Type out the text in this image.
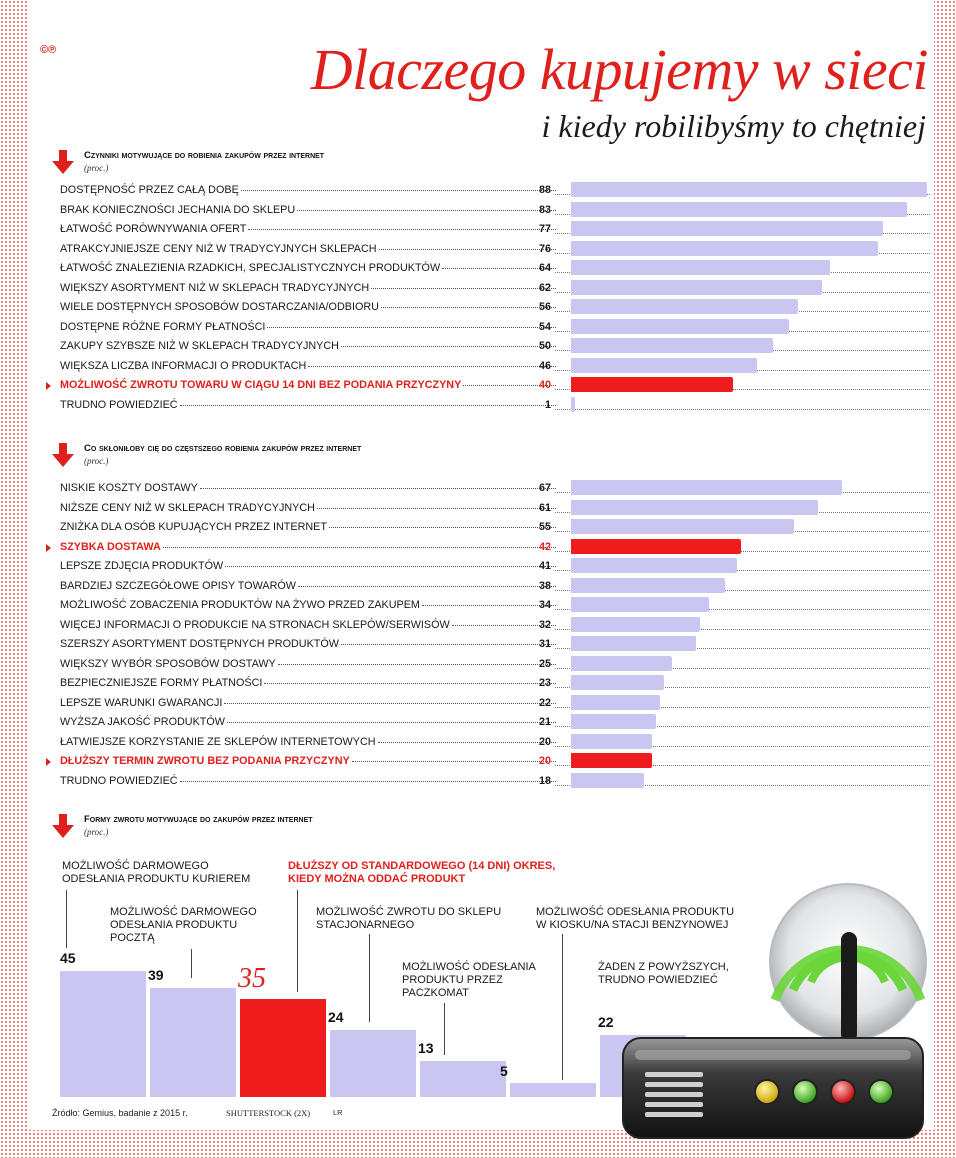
©℗	Dlaczego kupujemy w sieci
i kiedy robilibyśmy to chętniej
Czynniki motywujące do robienia zakupów przez internet
(proc.)
DOSTĘPNOŚĆ PRZEZ CAŁĄ DOBĘ	88
BRAK KONIECZNOŚCI JECHANIA DO SKLEPU	83
ŁATWOŚĆ PORÓWNYWANIA OFERT	77
ATRAKCYJNIEJSZE CENY NIŻ W TRADYCYJNYCH SKLEPACH	76
ŁATWOŚĆ ZNALEZIENIA RZADKICH, SPECJALISTYCZNYCH PRODUKTÓW	64
WIĘKSZY ASORTYMENT NIŻ W SKLEPACH TRADYCYJNYCH	62
WIELE DOSTĘPNYCH SPOSOBÓW DOSTARCZANIA/ODBIORU	56
DOSTĘPNE RÓŻNE FORMY PŁATNOŚCI	54
ZAKUPY SZYBSZE NIŻ W SKLEPACH TRADYCYJNYCH	50
WIĘKSZA LICZBA INFORMACJI O PRODUKTACH	46
MOŻLIWOŚĆ ZWROTU TOWARU W CIĄGU 14 DNI BEZ PODANIA PRZYCZYNY	40
TRUDNO POWIEDZIEĆ	1
Co skłoniłoby cię do częstszego robienia zakupów przez internet
(proc.)
NISKIE KOSZTY DOSTAWY	67
NIŻSZE CENY NIŻ W SKLEPACH TRADYCYJNYCH	61
ZNIŻKA DLA OSÓB KUPUJĄCYCH PRZEZ INTERNET	55
SZYBKA DOSTAWA	42
LEPSZE ZDJĘCIA PRODUKTÓW	41
BARDZIEJ SZCZEGÓŁOWE OPISY TOWARÓW	38
MOŻLIWOŚĆ ZOBACZENIA PRODUKTÓW NA ŻYWO PRZED ZAKUPEM	34
WIĘCEJ INFORMACJI O PRODUKCIE NA STRONACH SKLEPÓW/SERWISÓW	32
SZERSZY ASORTYMENT DOSTĘPNYCH PRODUKTÓW	31
WIĘKSZY WYBÓR SPOSOBÓW DOSTAWY	25
BEZPIECZNIEJSZE FORMY PŁATNOŚCI	23
LEPSZE WARUNKI GWARANCJI	22
WYŻSZA JAKOŚĆ PRODUKTÓW	21
ŁATWIEJSZE KORZYSTANIE ZE SKLEPÓW INTERNETOWYCH	20
DŁUŻSZY TERMIN ZWROTU BEZ PODANIA PRZYCZYNY	20
TRUDNO POWIEDZIEĆ	18
Formy zwrotu motywujące do zakupów przez internet
(proc.)
45
MOŻLIWOŚĆ DARMOWEGO
ODESŁANIA PRODUKTU KURIEREM
39
MOŻLIWOŚĆ DARMOWEGO
ODESŁANIA PRODUKTU
POCZTĄ
35
DŁUŻSZY OD STANDARDOWEGO (14 DNI) OKRES,
KIEDY MOŻNA ODDAĆ PRODUKT
24
MOŻLIWOŚĆ ZWROTU DO SKLEPU
STACJONARNEGO
13
MOŻLIWOŚĆ ODESŁANIA
PRODUKTU PRZEZ
PACZKOMAT
5
MOŻLIWOŚĆ ODESŁANIA PRODUKTU
W KIOSKU/NA STACJI BENZYNOWEJ
22
ŻADEN Z POWYŻSZYCH,
TRUDNO POWIEDZIEĆ
Źródło: Gemius, badanie z 2015 r.	SHUTTERSTOCK (2X)	LR
